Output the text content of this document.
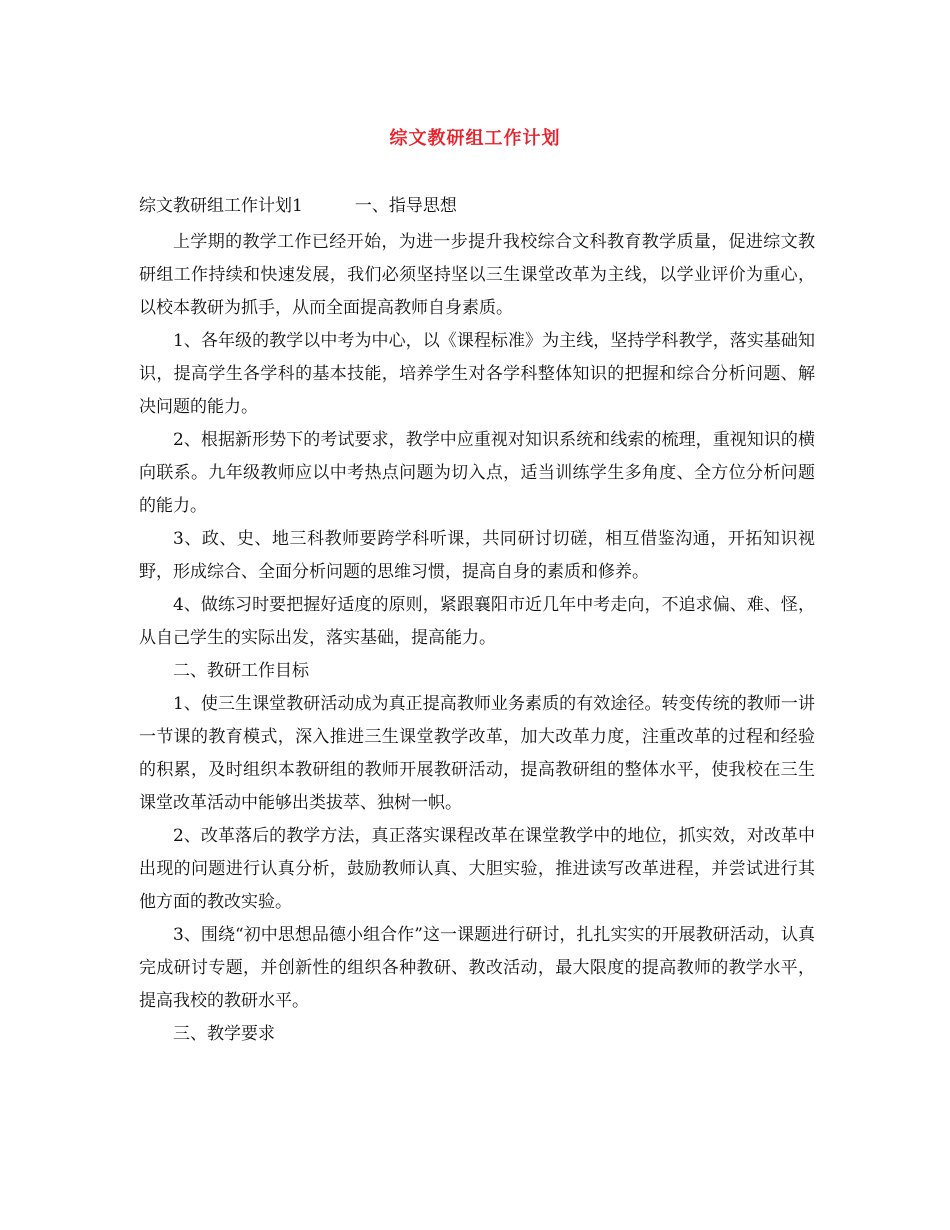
综文教研组工作计划
综文教研组工作计划1	一、指导思想

上学期的教学工作已经开始，为进一步提升我校综合文科教育教学质量，促进综文教研组工作持续和快速发展，我们必须坚持坚以三生课堂改革为主线，以学业评价为重心，以校本教研为抓手，从而全面提高教师自身素质。

1、各年级的教学以中考为中心，以《课程标准》为主线，坚持学科教学，落实基础知识，提高学生各学科的基本技能，培养学生对各学科整体知识的把握和综合分析问题、解决问题的能力。

2、根据新形势下的考试要求，教学中应重视对知识系统和线索的梳理，重视知识的横向联系。九年级教师应以中考热点问题为切入点，适当训练学生多角度、全方位分析问题的能力。

3、政、史、地三科教师要跨学科听课，共同研讨切磋，相互借鉴沟通，开拓知识视野，形成综合、全面分析问题的思维习惯，提高自身的素质和修养。

4、做练习时要把握好适度的原则，紧跟襄阳市近几年中考走向，不追求偏、难、怪，从自己学生的实际出发，落实基础，提高能力。

二、教研工作目标

1、使三生课堂教研活动成为真正提高教师业务素质的有效途径。转变传统的教师一讲一节课的教育模式，深入推进三生课堂教学改革，加大改革力度，注重改革的过程和经验的积累，及时组织本教研组的教师开展教研活动，提高教研组的整体水平，使我校在三生课堂改革活动中能够出类拔萃、独树一帜。

2、改革落后的教学方法，真正落实课程改革在课堂教学中的地位，抓实效，对改革中出现的问题进行认真分析，鼓励教师认真、大胆实验，推进读写改革进程，并尝试进行其他方面的教改实验。

3、围绕“初中思想品德小组合作”这一课题进行研讨，扎扎实实的开展教研活动，认真完成研讨专题，并创新性的组织各种教研、教改活动，最大限度的提高教师的教学水平，提高我校的教研水平。

三、教学要求
